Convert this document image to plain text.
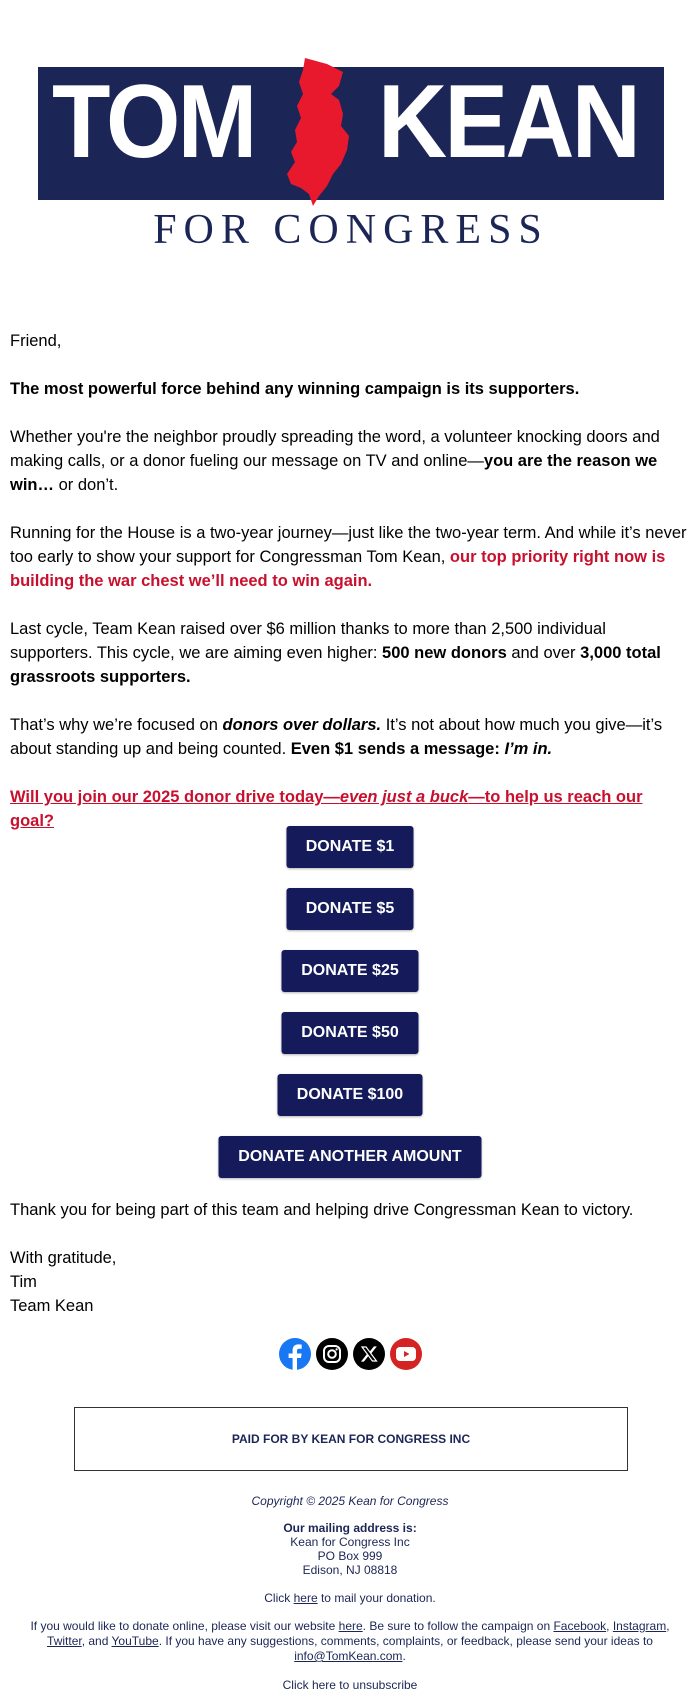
TOM KEAN
FOR CONGRESS

Friend,

The most powerful force behind any winning campaign is its supporters.

Whether you're the neighbor proudly spreading the word, a volunteer knocking doors and making calls, or a donor fueling our message on TV and online—you are the reason we win… or don’t.

Running for the House is a two-year journey—just like the two-year term. And while it’s never too early to show your support for Congressman Tom Kean, our top priority right now is building the war chest we’ll need to win again.

Last cycle, Team Kean raised over $6 million thanks to more than 2,500 individual supporters. This cycle, we are aiming even higher: 500 new donors and over 3,000 total grassroots supporters.

That’s why we’re focused on donors over dollars. It’s not about how much you give—it’s about standing up and being counted. Even $1 sends a message: I’m in.

Will you join our 2025 donor drive today—even just a buck—to help us reach our goal?

DONATE $1
DONATE $5
DONATE $25
DONATE $50
DONATE $100
DONATE ANOTHER AMOUNT

Thank you for being part of this team and helping drive Congressman Kean to victory.

With gratitude,
Tim
Team Kean
PAID FOR BY KEAN FOR CONGRESS INC
Copyright © 2025 Kean for Congress
Our mailing address is:
Kean for Congress Inc
PO Box 999
Edison, NJ 08818
Click here to mail your donation.
If you would like to donate online, please visit our website here. Be sure to follow the campaign on Facebook, Instagram, Twitter, and YouTube. If you have any suggestions, comments, complaints, or feedback, please send your ideas to info@TomKean.com.
Click here to unsubscribe
